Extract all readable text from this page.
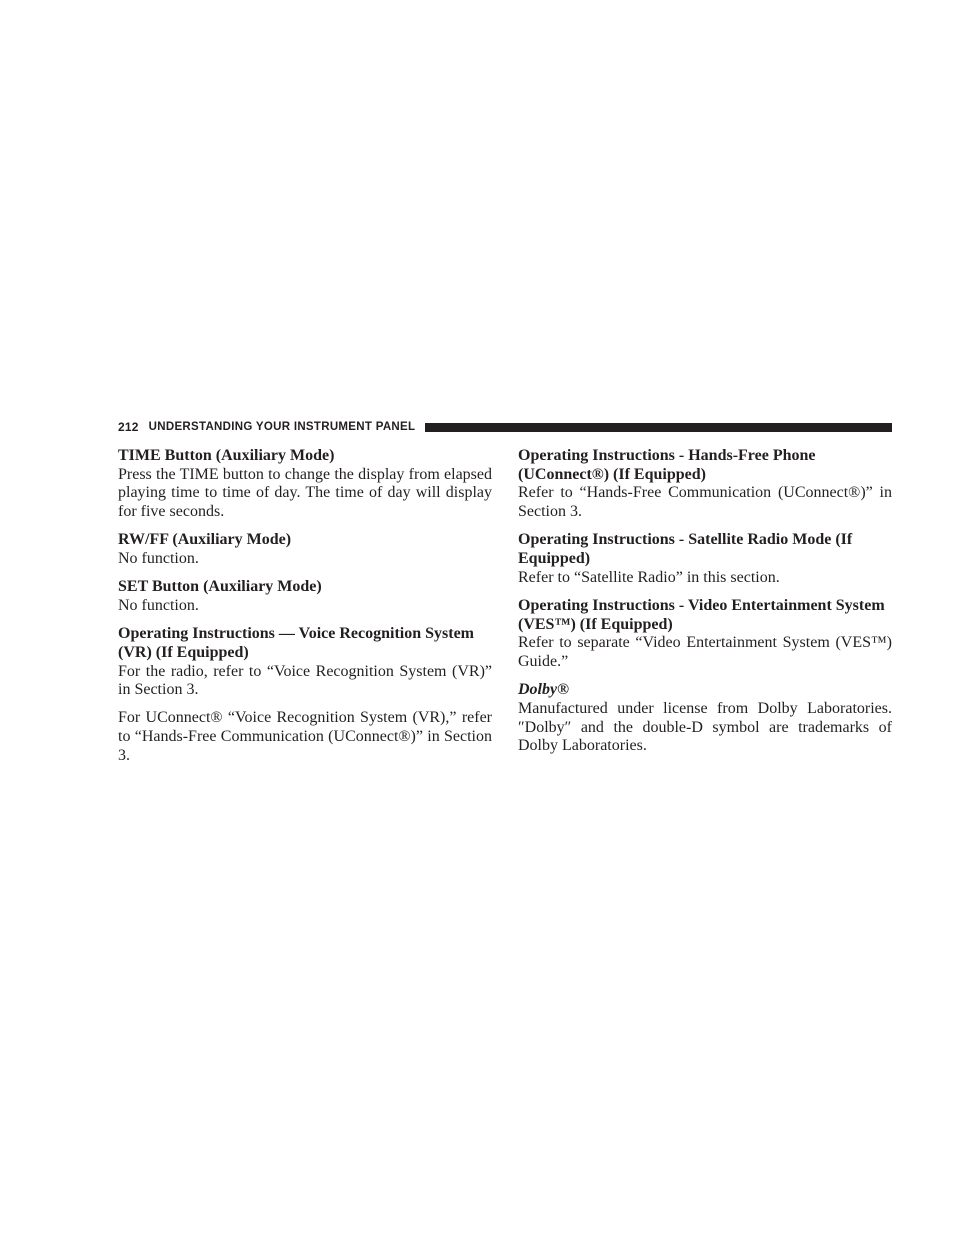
212 UNDERSTANDING YOUR INSTRUMENT PANEL

TIME Button (Auxiliary Mode)

Press the TIME button to change the display from elapsed playing time to time of day. The time of day will display for five seconds.

RW/FF (Auxiliary Mode)

No function.

SET Button (Auxiliary Mode)

No function.

Operating Instructions — Voice Recognition System (VR) (If Equipped)

For the radio, refer to “Voice Recognition System (VR)” in Section 3.

For UConnect® “Voice Recognition System (VR),” refer to “Hands-Free Communication (UConnect®)” in Section 3.

Operating Instructions - Hands-Free Phone (UConnect®) (If Equipped)

Refer to “Hands-Free Communication (UConnect®)” in Section 3.

Operating Instructions - Satellite Radio Mode (If Equipped)

Refer to “Satellite Radio” in this section.

Operating Instructions - Video Entertainment System (VES™) (If Equipped)

Refer to separate “Video Entertainment System (VES™) Guide.”

Dolby®

Manufactured under license from Dolby Laboratories. ″Dolby″ and the double-D symbol are trademarks of Dolby Laboratories.
